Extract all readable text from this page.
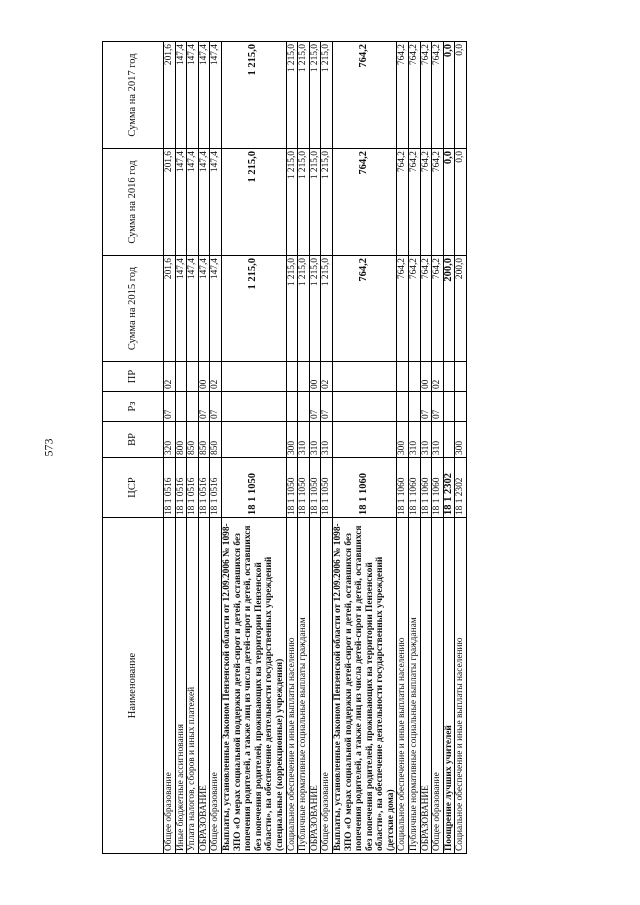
573
Наименование	ЦСР	ВР	Рз	ПР	Сумма на 2015 год	Сумма на 2016 год	Сумма на 2017 год
Общее образование	18 1 0516	320	07	02	201,6	201,6	201,6
Иные бюджетные ассигнования	18 1 0516	800			147,4	147,4	147,4
Уплата налогов, сборов и иных платежей	18 1 0516	850			147,4	147,4	147,4
ОБРАЗОВАНИЕ	18 1 0516	850	07	00	147,4	147,4	147,4
Общее образование	18 1 0516	850	07	02	147,4	147,4	147,4
Выплаты, установленные Законом Пензенской области от 12.09.2006 № 1098-ЗПО «О мерах социальной поддержки детей-сирот и детей, оставшихся без попечения родителей, а также лиц из числа детей-сирот и детей, оставшихся без попечения родителей, проживающих на территории Пензенской области», на обеспечение деятельности государственных учреждений (специальные (коррекционные) учреждения)	18 1 1050				1 215,0	1 215,0	1 215,0
Социальное обеспечение и иные выплаты населению	18 1 1050	300			1 215,0	1 215,0	1 215,0
Публичные нормативные социальные выплаты гражданам	18 1 1050	310			1 215,0	1 215,0	1 215,0
ОБРАЗОВАНИЕ	18 1 1050	310	07	00	1 215,0	1 215,0	1 215,0
Общее образование	18 1 1050	310	07	02	1 215,0	1 215,0	1 215,0
Выплаты, установленные Законом Пензенской области от 12.09.2006 № 1098-ЗПО «О мерах социальной поддержки детей-сирот и детей, оставшихся без попечения родителей, а также лиц из числа детей-сирот и детей, оставшихся без попечения родителей, проживающих на территории Пензенской области», на обеспечение деятельности государственных учреждений (детские дома)	18 1 1060				764,2	764,2	764,2
Социальное обеспечение и иные выплаты населению	18 1 1060	300			764,2	764,2	764,2
Публичные нормативные социальные выплаты гражданам	18 1 1060	310			764,2	764,2	764,2
ОБРАЗОВАНИЕ	18 1 1060	310	07	00	764,2	764,2	764,2
Общее образование	18 1 1060	310	07	02	764,2	764,2	764,2
Поощрение лучших учителей	18 1 2302				200,0	0,0	0,0
Социальное обеспечение и иные выплаты населению	18 1 2302	300			200,0	0,0	0,0
